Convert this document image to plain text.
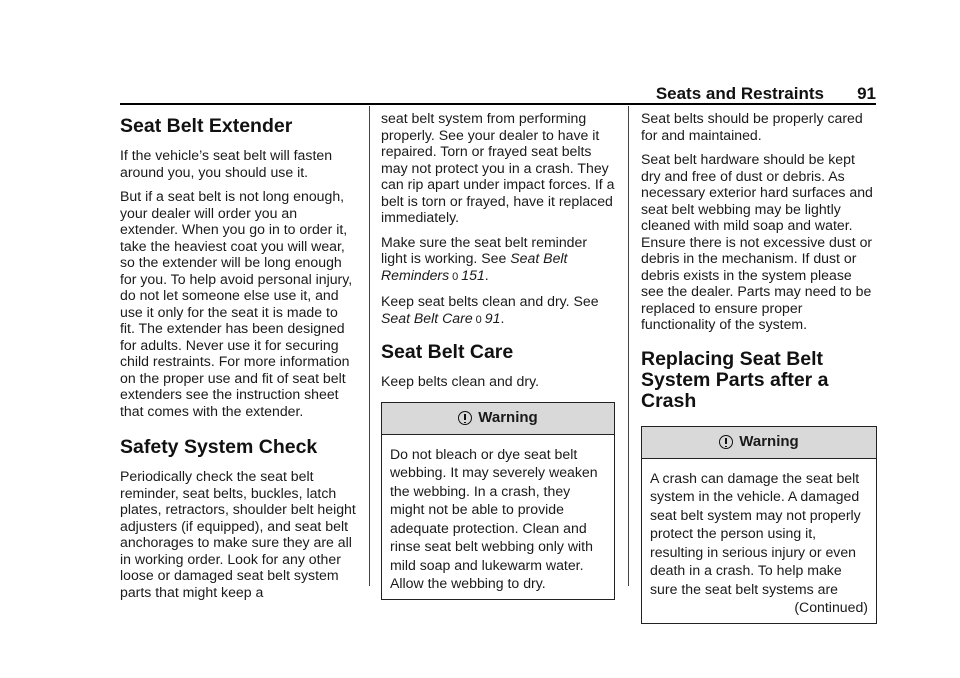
Seats and Restraints 91
Seat Belt Extender

If the vehicle’s seat belt will fasten around you, you should use it.

But if a seat belt is not long enough, your dealer will order you an extender. When you go in to order it, take the heaviest coat you will wear, so the extender will be long enough for you. To help avoid personal injury, do not let someone else use it, and use it only for the seat it is made to fit. The extender has been designed for adults. Never use it for securing child restraints. For more information on the proper use and fit of seat belt extenders see the instruction sheet that comes with the extender.

Safety System Check

Periodically check the seat belt reminder, seat belts, buckles, latch plates, retractors, shoulder belt height adjusters (if equipped), and seat belt anchorages to make sure they are all in working order. Look for any other loose or damaged seat belt system parts that might keep a

seat belt system from performing properly. See your dealer to have it repaired. Torn or frayed seat belts may not protect you in a crash. They can rip apart under impact forces. If a belt is torn or frayed, have it replaced immediately.

Make sure the seat belt reminder light is working. See Seat Belt Reminders 0 151.

Keep seat belts clean and dry. See Seat Belt Care 0 91.

Seat Belt Care

Keep belts clean and dry.

Warning
Do not bleach or dye seat belt webbing. It may severely weaken the webbing. In a crash, they might not be able to provide adequate protection. Clean and rinse seat belt webbing only with mild soap and lukewarm water. Allow the webbing to dry.

Seat belts should be properly cared for and maintained.

Seat belt hardware should be kept dry and free of dust or debris. As necessary exterior hard surfaces and seat belt webbing may be lightly cleaned with mild soap and water. Ensure there is not excessive dust or debris in the mechanism. If dust or debris exists in the system please see the dealer. Parts may need to be replaced to ensure proper functionality of the system.

Replacing Seat Belt System Parts after a Crash
Warning
A crash can damage the seat belt system in the vehicle. A damaged seat belt system may not properly protect the person using it, resulting in serious injury or even death in a crash. To help make sure the seat belt systems are
(Continued)
